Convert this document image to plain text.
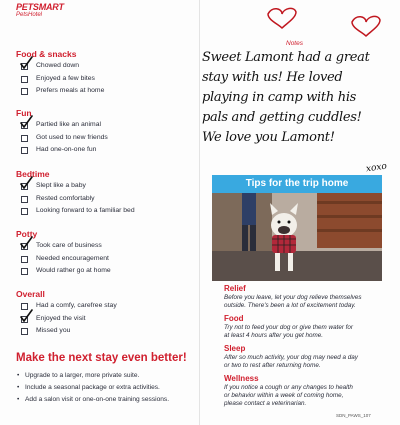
PETSMART
PetsHotel
Food & snacks
Chowed down
Enjoyed a few bites
Prefers meals at home
Fun
Partied like an animal
Got used to new friends
Had one-on-one fun
Bedtime
Slept like a baby
Rested comfortably
Looking forward to a familiar bed
Potty
Took care of business
Needed encouragement
Would rather go at home
Overall
Had a comfy, carefree stay
Enjoyed the visit
Missed you
Make the next stay even better!
• Upgrade to a larger, more private suite.
• Include a seasonal package or extra activities.
• Add a salon visit or one-on-one training sessions.
Notes
Sweet Lamont had a great
stay with us! He loved
playing in camp with his
pals and getting cuddles!
We love you Lamont!
xoxo
Tips for the trip home
Relief
Before you leave, let your dog relieve themselves
outside. There's been a lot of excitement today.
Food
Try not to feed your dog or give them water for
at least 4 hours after you get home.
Sleep
After so much activity, your dog may need a day
or two to rest after returning home.
Wellness
If you notice a cough or any changes to health
or behavior within a week of coming home,
please contact a veterinarian.
SDN_PAWS_107
